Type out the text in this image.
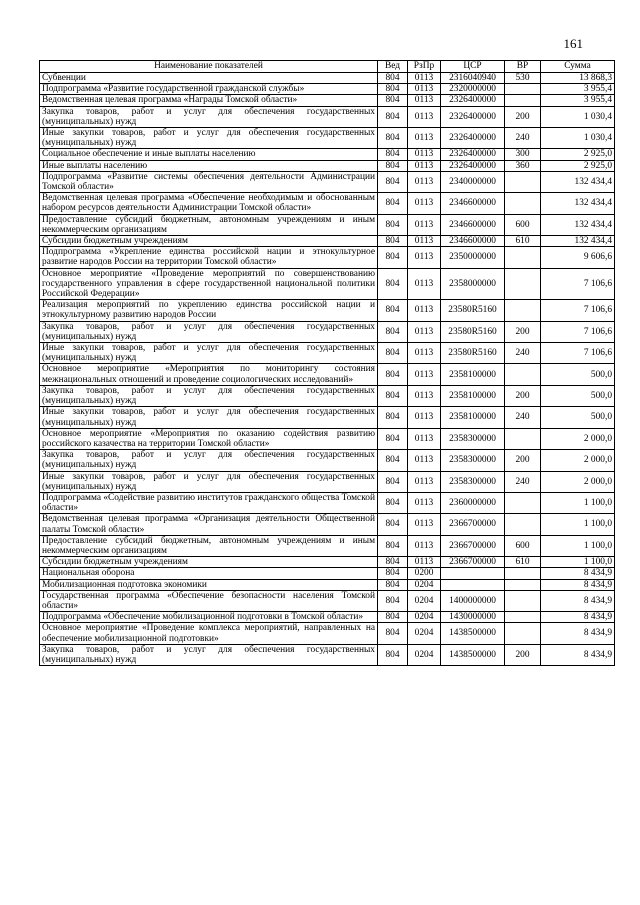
161
Наименование показателей	Вед	РзПр	ЦСР	ВР	Сумма
Субвенции	804	0113	2316040940	530	13 868,3
Подпрограмма «Развитие государственной гражданской службы»	804	0113	2320000000		3 955,4
Ведомственная целевая программа «Награды Томской области»	804	0113	2326400000		3 955,4
Закупка товаров, работ и услуг для обеспечения государственных (муниципальных) нужд	804	0113	2326400000	200	1 030,4
Иные закупки товаров, работ и услуг для обеспечения государственных (муниципальных) нужд	804	0113	2326400000	240	1 030,4
Социальное обеспечение и иные выплаты населению	804	0113	2326400000	300	2 925,0
Иные выплаты населению	804	0113	2326400000	360	2 925,0
Подпрограмма «Развитие системы обеспечения деятельности Администрации Томской области»	804	0113	2340000000		132 434,4
Ведомственная целевая программа «Обеспечение необходимым и обоснованным набором ресурсов деятельности Администрации Томской области»	804	0113	2346600000		132 434,4
Предоставление субсидий бюджетным, автономным учреждениям и иным некоммерческим организациям	804	0113	2346600000	600	132 434,4
Субсидии бюджетным учреждениям	804	0113	2346600000	610	132 434,4
Подпрограмма «Укрепление единства российской нации и этнокультурное развитие народов России на территории Томской области»	804	0113	2350000000		9 606,6
Основное мероприятие «Проведение мероприятий по совершенствованию государственного управления в сфере государственной национальной политики Российской Федерации»	804	0113	2358000000		7 106,6
Реализация мероприятий по укреплению единства российской нации и этнокультурному развитию народов России	804	0113	23580R5160		7 106,6
Закупка товаров, работ и услуг для обеспечения государственных (муниципальных) нужд	804	0113	23580R5160	200	7 106,6
Иные закупки товаров, работ и услуг для обеспечения государственных (муниципальных) нужд	804	0113	23580R5160	240	7 106,6
Основное мероприятие «Мероприятия по мониторингу состояния межнациональных отношений и проведение социологических исследований»	804	0113	2358100000		500,0
Закупка товаров, работ и услуг для обеспечения государственных (муниципальных) нужд	804	0113	2358100000	200	500,0
Иные закупки товаров, работ и услуг для обеспечения государственных (муниципальных) нужд	804	0113	2358100000	240	500,0
Основное мероприятие «Мероприятия по оказанию содействия развитию российского казачества на территории Томской области»	804	0113	2358300000		2 000,0
Закупка товаров, работ и услуг для обеспечения государственных (муниципальных) нужд	804	0113	2358300000	200	2 000,0
Иные закупки товаров, работ и услуг для обеспечения государственных (муниципальных) нужд	804	0113	2358300000	240	2 000,0
Подпрограмма «Содействие развитию институтов гражданского общества Томской области»	804	0113	2360000000		1 100,0
Ведомственная целевая программа «Организация деятельности Общественной палаты Томской области»	804	0113	2366700000		1 100,0
Предоставление субсидий бюджетным, автономным учреждениям и иным некоммерческим организациям	804	0113	2366700000	600	1 100,0
Субсидии бюджетным учреждениям	804	0113	2366700000	610	1 100,0
Национальная оборона	804	0200			8 434,9
Мобилизационная подготовка экономики	804	0204			8 434,9
Государственная программа «Обеспечение безопасности населения Томской области»	804	0204	1400000000		8 434,9
Подпрограмма «Обеспечение мобилизационной подготовки в Томской области»	804	0204	1430000000		8 434,9
Основное мероприятие «Проведение комплекса мероприятий, направленных на обеспечение мобилизационной подготовки»	804	0204	1438500000		8 434,9
Закупка товаров, работ и услуг для обеспечения государственных (муниципальных) нужд	804	0204	1438500000	200	8 434,9
